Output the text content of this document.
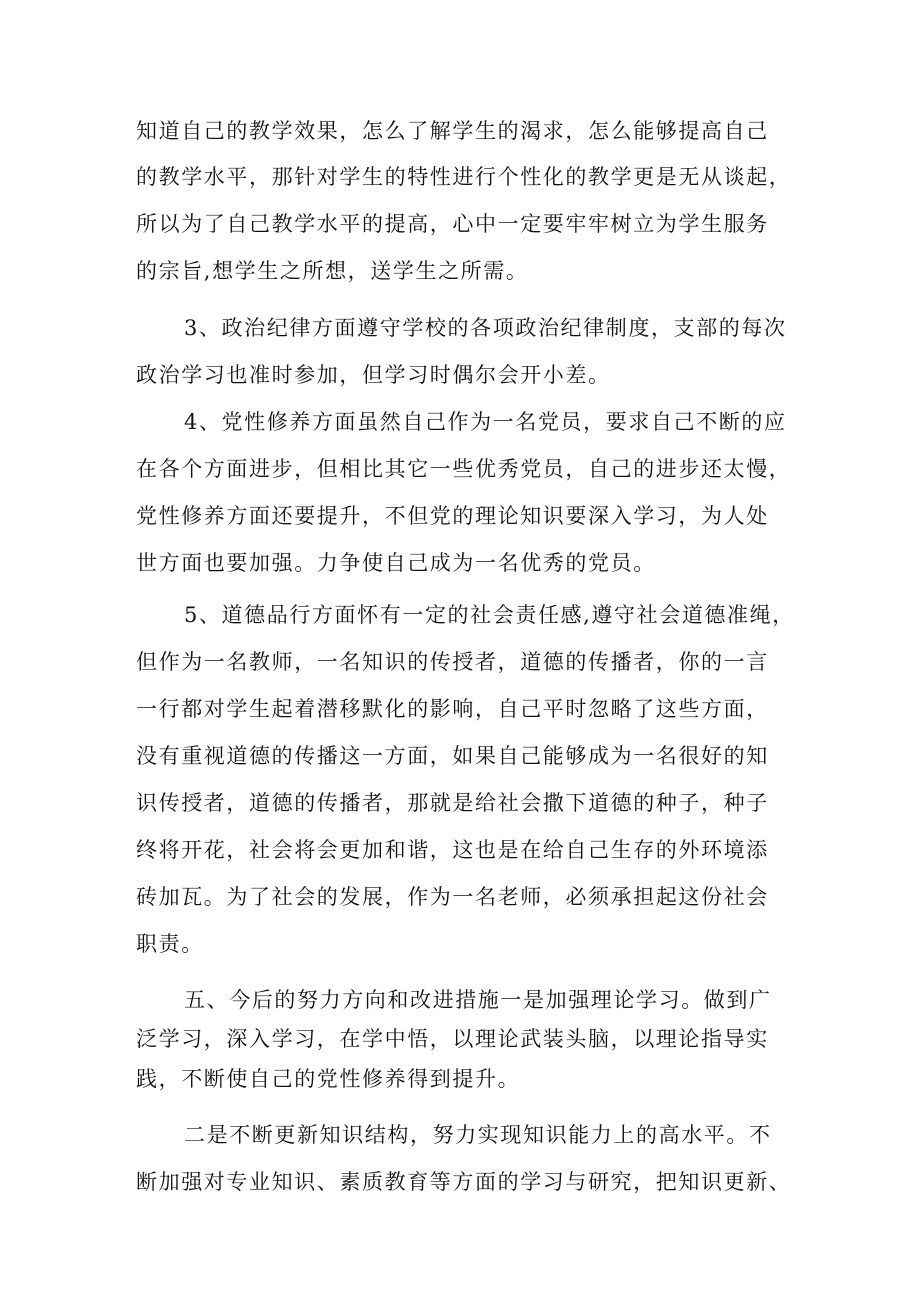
知道自己的教学效果，怎么了解学生的渴求，怎么能够提高自己
的教学水平，那针对学生的特性进行个性化的教学更是无从谈起，
所以为了自己教学水平的提高，心中一定要牢牢树立为学生服务
的宗旨,想学生之所想，送学生之所需。
3、政治纪律方面遵守学校的各项政治纪律制度，支部的每次
政治学习也准时参加，但学习时偶尔会开小差。
4、党性修养方面虽然自己作为一名党员，要求自己不断的应
在各个方面进步，但相比其它一些优秀党员，自己的进步还太慢，
党性修养方面还要提升，不但党的理论知识要深入学习，为人处
世方面也要加强。力争使自己成为一名优秀的党员。
5、道德品行方面怀有一定的社会责任感,遵守社会道德准绳，
但作为一名教师，一名知识的传授者，道德的传播者，你的一言
一行都对学生起着潜移默化的影响，自己平时忽略了这些方面，
没有重视道德的传播这一方面，如果自己能够成为一名很好的知
识传授者，道德的传播者，那就是给社会撒下道德的种子，种子
终将开花，社会将会更加和谐，这也是在给自己生存的外环境添
砖加瓦。为了社会的发展，作为一名老师，必须承担起这份社会
职责。
五、今后的努力方向和改进措施一是加强理论学习。做到广
泛学习，深入学习，在学中悟，以理论武装头脑，以理论指导实
践，不断使自己的党性修养得到提升。
二是不断更新知识结构，努力实现知识能力上的高水平。不
断加强对专业知识、素质教育等方面的学习与研究，把知识更新、
